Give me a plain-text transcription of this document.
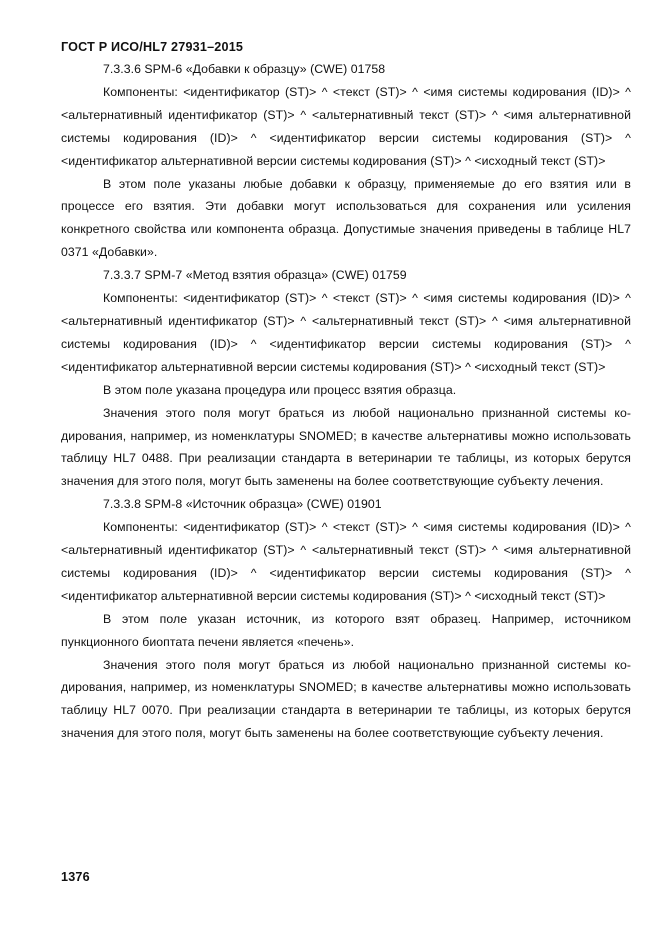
ГОСТ Р ИСО/HL7 27931–2015

7.3.3.6 SPM-6 «Добавки к образцу» (CWE) 01758

Компоненты: <идентификатор (ST)> ^ <текст (ST)> ^ <имя системы кодирования (ID)> ^ <альтернативный идентификатор (ST)> ^ <альтернативный текст (ST)> ^ <имя альтернативной системы кодирования (ID)> ^ <идентификатор версии системы кодирования (ST)> ^ <идентификатор альтернативной версии системы кодирования (ST)> ^ <исходный текст (ST)>

В этом поле указаны любые добавки к образцу, применяемые до его взятия или в процессе его взятия. Эти добавки могут использоваться для сохранения или усиления конкретного свойства или компонента образца. Допустимые значения приведены в таблице HL7 0371 «Добавки».

7.3.3.7 SPM-7 «Метод взятия образца» (CWE) 01759

Компоненты: <идентификатор (ST)> ^ <текст (ST)> ^ <имя системы кодирования (ID)> ^ <альтернативный идентификатор (ST)> ^ <альтернативный текст (ST)> ^ <имя альтернативной системы кодирования (ID)> ^ <идентификатор версии системы кодирования (ST)> ^ <идентификатор альтернативной версии системы кодирования (ST)> ^ <исходный текст (ST)>

В этом поле указана процедура или процесс взятия образца.

Значения этого поля могут браться из любой национально признанной системы кодирования, например, из номенклатуры SNOMED; в качестве альтернативы можно использовать таблицу HL7 0488. При реализации стандарта в ветеринарии те таблицы, из которых берутся значения для этого поля, могут быть заменены на более соответствующие субъекту лечения.

7.3.3.8 SPM-8 «Источник образца» (CWE) 01901

Компоненты: <идентификатор (ST)> ^ <текст (ST)> ^ <имя системы кодирования (ID)> ^ <альтернативный идентификатор (ST)> ^ <альтернативный текст (ST)> ^ <имя альтернативной системы кодирования (ID)> ^ <идентификатор версии системы кодирования (ST)> ^ <идентификатор альтернативной версии системы кодирования (ST)> ^ <исходный текст (ST)>

В этом поле указан источник, из которого взят образец. Например, источником пункционного биоптата печени является «печень».

Значения этого поля могут браться из любой национально признанной системы кодирования, например, из номенклатуры SNOMED; в качестве альтернативы можно использовать таблицу HL7 0070. При реализации стандарта в ветеринарии те таблицы, из которых берутся значения для этого поля, могут быть заменены на более соответствующие субъекту лечения.

1376
